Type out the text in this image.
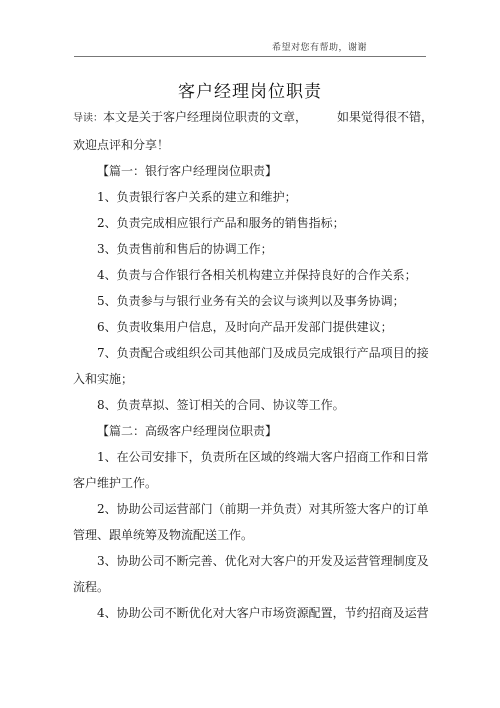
希望对您有帮助，谢谢
客户经理岗位职责

导读：本文是关于客户经理岗位职责的文章，	如果觉得很不错，欢迎点评和分享！

【篇一：银行客户经理岗位职责】

1、负责银行客户关系的建立和维护；

2、负责完成相应银行产品和服务的销售指标；

3、负责售前和售后的协调工作；

4、负责与合作银行各相关机构建立并保持良好的合作关系；

5、负责参与与银行业务有关的会议与谈判以及事务协调；

6、负责收集用户信息，及时向产品开发部门提供建议；

7、负责配合或组织公司其他部门及成员完成银行产品项目的接入和实施；

8、负责草拟、签订相关的合同、协议等工作。

【篇二：高级客户经理岗位职责】

1、在公司安排下，负责所在区域的终端大客户招商工作和日常客户维护工作。

2、协助公司运营部门（前期一并负责）对其所签大客户的订单管理、跟单统筹及物流配送工作。

3、协助公司不断完善、优化对大客户的开发及运营管理制度及流程。

4、协助公司不断优化对大客户市场资源配置，节约招商及运营
